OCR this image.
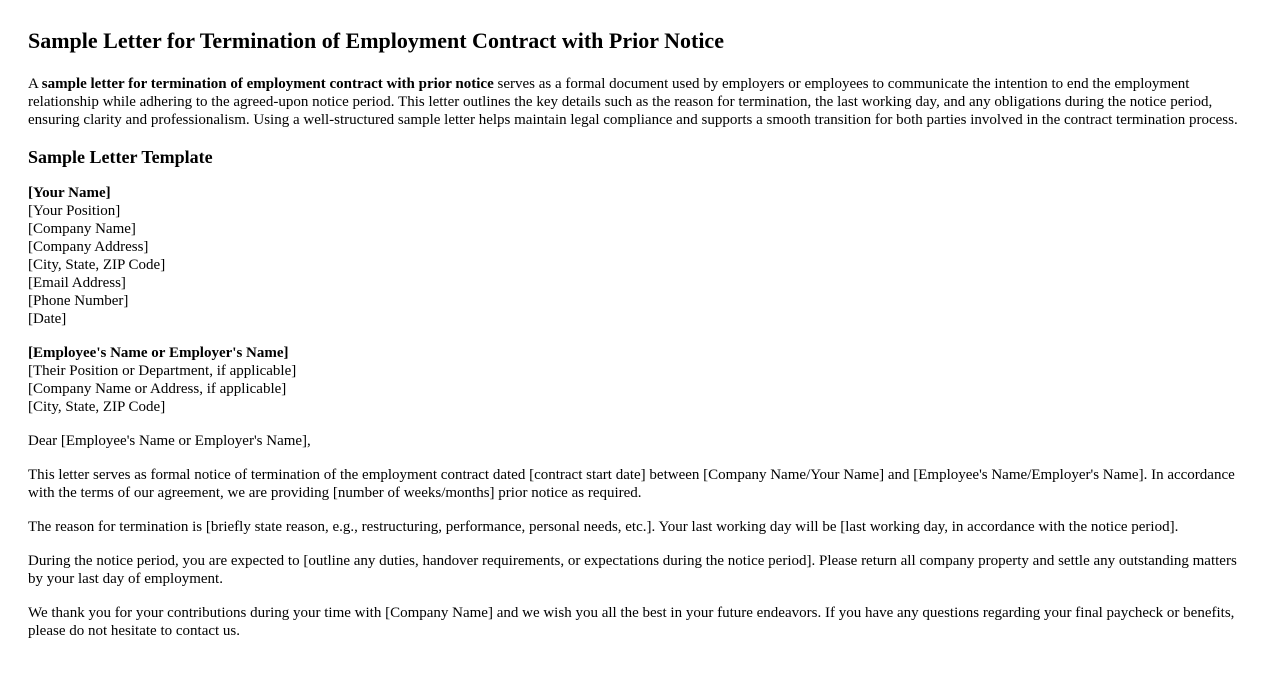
Sample Letter for Termination of Employment Contract with Prior Notice

A sample letter for termination of employment contract with prior notice serves as a formal document used by employers or employees to communicate the intention to end the employment relationship while adhering to the agreed-upon notice period. This letter outlines the key details such as the reason for termination, the last working day, and any obligations during the notice period, ensuring clarity and professionalism. Using a well-structured sample letter helps maintain legal compliance and supports a smooth transition for both parties involved in the contract termination process.

Sample Letter Template
[Your Name]
[Your Position]
[Company Name]
[Company Address]
[City, State, ZIP Code]
[Email Address]
[Phone Number]
[Date]
[Employee's Name or Employer's Name]
[Their Position or Department, if applicable]
[Company Name or Address, if applicable]
[City, State, ZIP Code]

Dear [Employee's Name or Employer's Name],

This letter serves as formal notice of termination of the employment contract dated [contract start date] between [Company Name/Your Name] and [Employee's Name/Employer's Name]. In accordance with the terms of our agreement, we are providing [number of weeks/months] prior notice as required.

The reason for termination is [briefly state reason, e.g., restructuring, performance, personal needs, etc.]. Your last working day will be [last working day, in accordance with the notice period].

During the notice period, you are expected to [outline any duties, handover requirements, or expectations during the notice period]. Please return all company property and settle any outstanding matters by your last day of employment.

We thank you for your contributions during your time with [Company Name] and we wish you all the best in your future endeavors. If you have any questions regarding your final paycheck or benefits, please do not hesitate to contact us.
